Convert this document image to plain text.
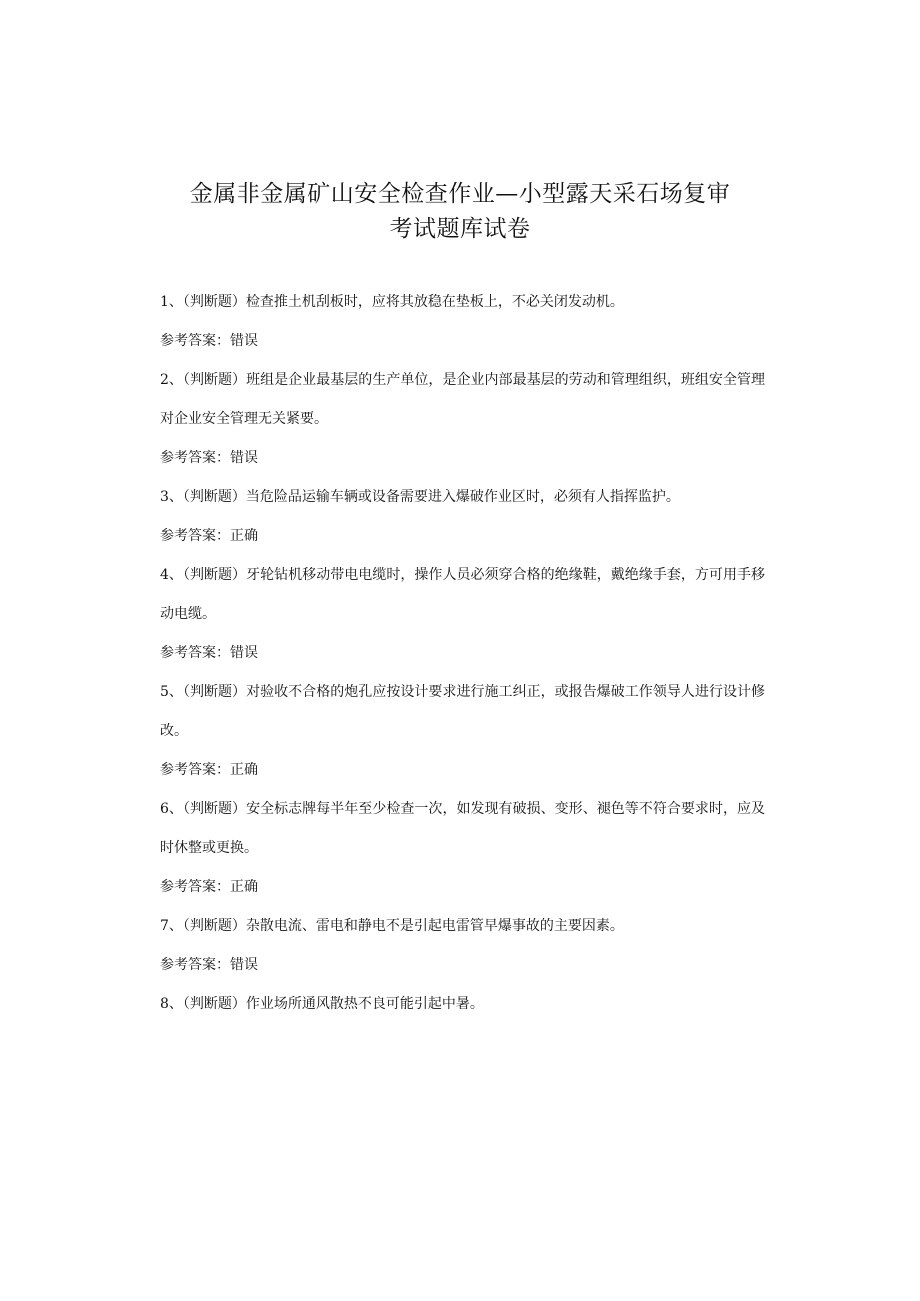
金属非金属矿山安全检查作业—小型露天采石场复审
考试题库试卷

1、（判断题）检查推土机刮板时，应将其放稳在垫板上，不必关闭发动机。

参考答案：错误

2、（判断题）班组是企业最基层的生产单位，是企业内部最基层的劳动和管理组织，班组安全管理对企业安全管理无关紧要。

参考答案：错误

3、（判断题）当危险品运输车辆或设备需要进入爆破作业区时，必须有人指挥监护。

参考答案：正确

4、（判断题）牙轮钻机移动带电电缆时，操作人员必须穿合格的绝缘鞋，戴绝缘手套，方可用手移动电缆。

参考答案：错误

5、（判断题）对验收不合格的炮孔应按设计要求进行施工纠正，或报告爆破工作领导人进行设计修改。

参考答案：正确

6、（判断题）安全标志牌每半年至少检查一次，如发现有破损、变形、褪色等不符合要求时，应及时休整或更换。

参考答案：正确

7、（判断题）杂散电流、雷电和静电不是引起电雷管早爆事故的主要因素。

参考答案：错误

8、（判断题）作业场所通风散热不良可能引起中暑。
